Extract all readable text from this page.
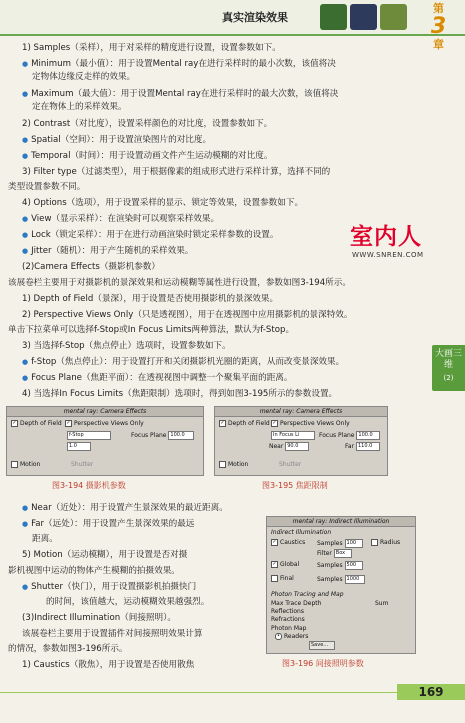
真实渲染效果
第
3
章
1) Samples（采样），用于对采样的精度进行设置，设置参数如下。
● Minimum（最小值）：用于设置Mental ray在进行采样时的最小次数，该值将决
定物体边缘反走样的效果。
● Maximum（最大值）：用于设置Mental ray在进行采样时的最大次数，该值将决
定在物体上的采样效果。
2) Contrast（对比度），设置采样颜色的对比度，设置参数如下。
● Spatial（空间）：用于设置渲染图片的对比度。
● Temporal（时间）：用于设置动画文件产生运动模糊的对比度。
3) Filter type（过滤类型），用于根据像素的组成形式进行采样计算，选择不同的
类型设置参数不同。
4) Options（选项），用于设置采样的显示、锁定等效果，设置参数如下。
● View（显示采样）：在渲染时可以观察采样效果。
● Lock（锁定采样）：用于在进行动画渲染时锁定采样参数的设置。
● Jitter（随机）：用于产生随机的采样效果。
(2)Camera Effects（摄影机参数）
该展卷栏主要用于对摄影机的景深效果和运动模糊等属性进行设置，参数如图3-194所示。
1) Depth of Field（景深），用于设置是否使用摄影机的景深效果。
2) Perspective Views Only（只是透视图），用于在透视图中应用摄影机的景深特效。
单击下拉菜单可以选择f-Stop或In Focus Limits两种算法，默认为f-Stop。
3) 当选择f-Stop（焦点停止）选项时，设置参数如下。
● f-Stop（焦点停止）：用于设置打开和关闭摄影机光圈的距离，从而改变景深效果。
● Focus Plane（焦距平面）：在透视视图中调整一个聚集平面的距离。
4) 当选择In Focus Limits（焦距限制）选项时，得到如图3-195所示的参数设置。
室内人
WWW.SNREN.COM
大画三维
(2)
mental ray: Camera Effects
✓ Depth of Field ✓ Perspective Views Only
f-Stop
1.0
Focus Plane 100.0
Motion	Shutter
图3-194 摄影机参数
mental ray: Camera Effects
✓ Depth of Field ✓ Perspective Views Only
In Focus Li
Near 90.0
Focus Plane 100.0
Far 110.0
Motion	Shutter
图3-195 焦距限制
● Near（近处）：用于设置产生景深效果的最近距离。
● Far（远处）：用于设置产生景深效果的最远
距离。
5) Motion（运动模糊），用于设置是否对摄
影机视图中运动的物体产生模糊的拍摄效果。
● Shutter（快门），用于设置摄影机拍摄快门
的时间，该值越大，运动模糊效果越强烈。
(3)Indirect Illumination（间接照明）。
该展卷栏主要用于设置插件对间接照明效果计算
的情况，参数如图3-196所示。
1) Caustics（散焦），用于设置是否使用散焦
mental ray: Indirect Illumination
Indirect Illumination
✓ Caustics Samples 100
Filter Box
Radius
✓ Global	Samples 500
Final	Samples 1000
Photon Tracing and Map
Max Trace Depth
Reflections
Refractions
Sum
Photon Map
• Readers
Save...
图3-196 间接照明参数
169
